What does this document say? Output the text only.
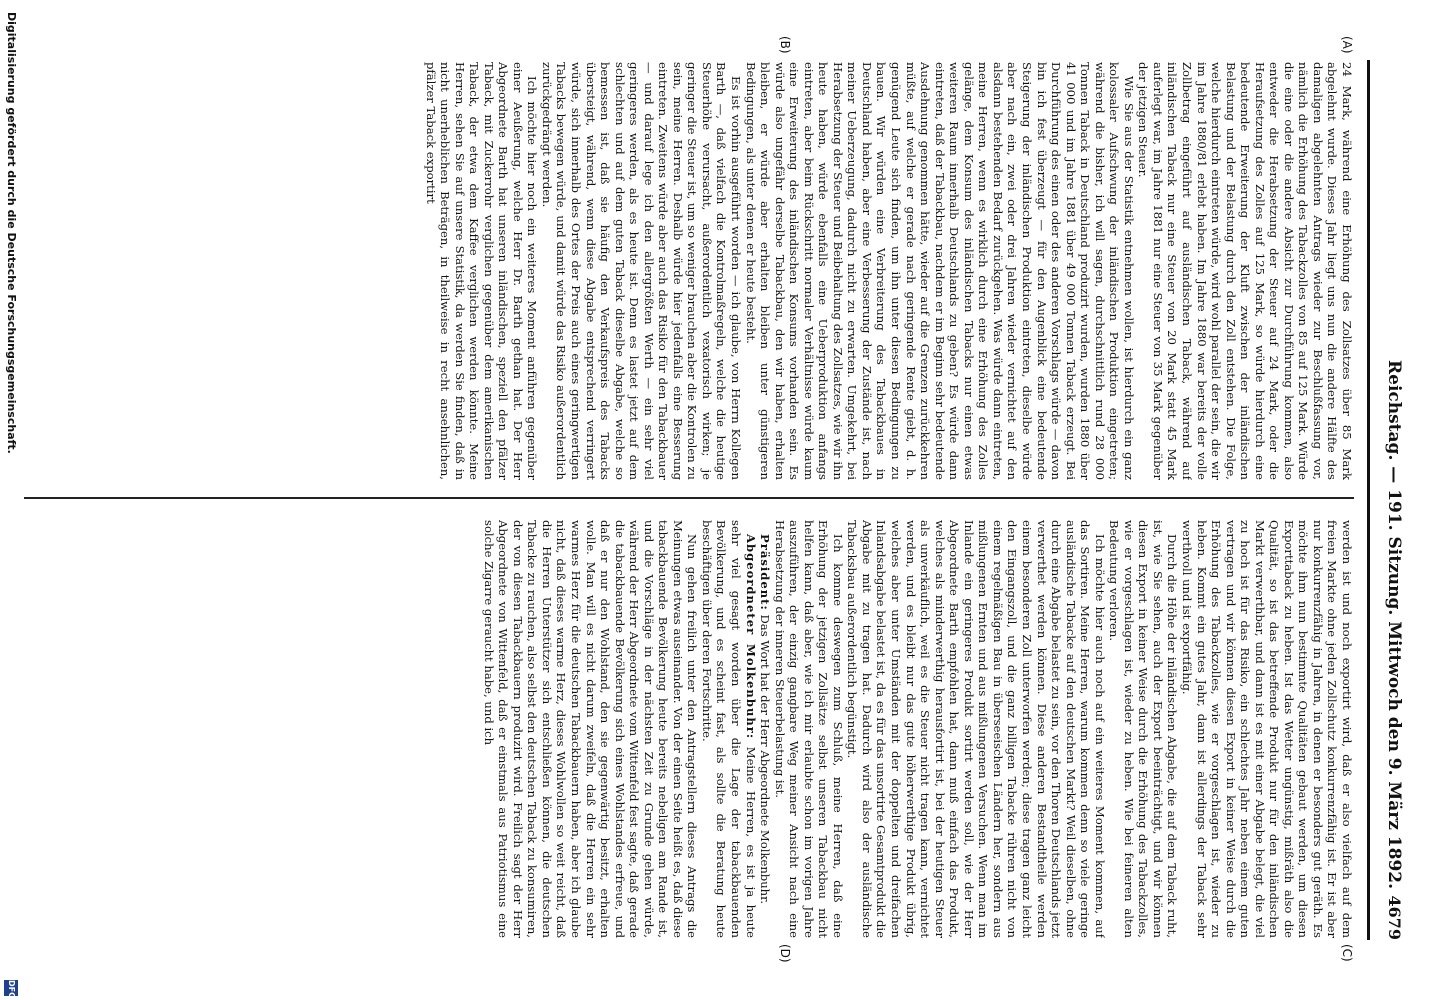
Reichstag. — 191. Sitzung. Mittwoch den 9. März 1892.
4679
(A)
(B)
(C)
(D)

24 Mark, während eine Erhöhung des Zollsatzes über 85 Mark abgelehnt wurde. Dieses Jahr liegt uns nun die andere Hälfte des damaligen abgelehnten Antrags wieder zur Beschlußfassung vor, nämlich die Erhöhung des Tabackzolles von 85 auf 125 Mark. Würde die eine oder die andere Absicht zur Durchführung kommen, also entweder die Herabsetzung der Steuer auf 24 Mark, oder die Heraufsetzung des Zolles auf 125 Mark, so würde hierdurch eine bedeutende Erweiterung der Kluft zwischen der inländischen Belastung und der Belastung durch den Zoll entstehen. Die Folge, welche hierdurch eintreten würde, wird wohl parallel der sein, die wir im Jahre 1880/81 erlebt haben. Im Jahre 1880 war bereits der volle Zollbetrag eingeführt auf ausländischen Taback, während auf inländischen Taback nur eine Steuer von 20 Mark statt 45 Mark auferlegt war, im Jahre 1881 nur eine Steuer von 35 Mark gegenüber der jetzigen Steuer.

Wie Sie aus der Statistik entnehmen wollen, ist hierdurch ein ganz kolossaler Aufschwung der inländischen Produktion eingetreten; während die bisher, ich will sagen, durchschnittlich rund 28 000 Tonnen Taback in Deutschland produzirt wurden, wurden 1880 über 41 000 und im Jahre 1881 über 49 000 Tonnen Taback erzeugt. Bei Durchführung des einen oder des anderen Vorschlags würde — davon bin ich fest überzeugt — für den Augenblick eine bedeutende Steigerung der inländischen Produktion eintreten, dieselbe würde aber nach ein, zwei oder drei Jahren wieder vernichtet auf den alsdann bestehenden Bedarf zurückgehen. Was würde dann eintreten, meine Herren, wenn es wirklich durch eine Erhöhung des Zolles gelänge, dem Konsum des inländischen Tabacks nur einen etwas weiteren Raum innerhalb Deutschlands zu geben? Es würde dann eintreten, daß der Tabackbau, nachdem er im Beginn sehr bedeutende Ausdehnung genommen hätte, wieder auf die Grenzen zurückkehren müßte, auf welche er gerade nach geringende Rente giebt, d. h. genügend Leute sich finden, um ihn unter diesen Bedingungen zu bauen. Wir würden eine Verbreiterung des Tabackbaues in Deutschland haben, aber eine Verbesserung der Zustände ist, nach meiner Ueberzeugung, dadurch nicht zu erwarten. Umgekehrt, bei Herabsetzung der Steuer und Beibehaltung des Zollsatzes, wie wir ihn heute haben, würde ebenfalls eine Ueberproduktion anfangs eintreten, aber beim Rückschritt normaler Verhältnisse würde kaum eine Erweiterung des inländischen Konsums vorhanden sein. Es würde also ungefähr derselbe Tabackbau, den wir haben, erhalten bleiben, er würde aber erhalten bleiben unter günstigeren Bedingungen, als unter denen er heute besteht.

Es ist vorhin ausgeführt worden — ich glaube, von Herrn Kollegen Barth —, daß vielfach die Kontrolmaßregeln, welche die heutige Steuerhöhe verursacht, außerordentlich vexatorisch wirken; je geringer die Steuer ist, um so weniger brauchen aber die Kontrolen zu sein, meine Herren. Deshalb würde hier jedenfalls eine Besserung eintreten. Zweitens würde aber auch das Risiko für den Tabackbauer — und darauf lege ich den allergrößten Werth — ein sehr viel geringeres werden, als es heute ist. Denn es lastet jetzt auf dem schlechten und auf dem guten Taback dieselbe Abgabe, welche so bemessen ist, daß sie häufig den Verkaufspreis des Tabacks übersteigt, während, wenn diese Abgabe entsprechend verringert würde, sich innerhalb des Ortes der Preis auch eines geringwertigen Tabacks bewegen würde, und damit würde das Risiko außerordentlich zurückgedrängt werden.

Ich möchte hier noch ein weiteres Moment anführen gegenüber einer Aeußerung, welche Herr Dr. Barth gethan hat. Der Herr Abgeordnete Barth hat unseren inländischen, speziell den pfälzer Taback, mit Zuckerrohr verglichen gegenüber dem amerikanischen Taback, der etwa dem Kaffee verglichen werden könnte. Meine Herren, sehen Sie auf unsere Statistik, da werden Sie finden, daß in nicht unerheblichen Beträgen, in theilweise in recht ansehnlichen, pfälzer Taback exportirt

werden ist und noch exportirt wird, daß er also vielfach auf dem freien Markte ohne jeden Zollschutz konkurrenzfähig ist. Er ist aber nur konkurrenzfähig in Jahren, in denen er besonders gut geräth. Es möchte ihm nun bestimmte Qualitäten gebaut werden, um diesen Exporttaback zu heben. Ist das Wetter ungünstig, mißräth also die Qualität, so ist das betreffende Produkt nur für den inländischen Markt verwerthbar, und dann ist es mit einer Abgabe belegt, die viel zu hoch ist für das Risiko, ein schlechtes Jahr neben einem guten vertragen und wir können diesen Export in keiner Weise durch die Erhöhung des Tabackzolles, wie er vorgeschlagen ist, wieder zu heben. Kommt ein gutes Jahr, dann ist allerdings der Taback sehr werthvoll und ist exportfähig.

Durch die Höhe der inländischen Abgabe, die auf dem Taback ruht, ist, wie Sie sehen, auch der Export beeinträchtigt, und wir können diesen Export in keiner Weise durch die Erhöhung des Tabackzolles, wie er vorgeschlagen ist, wieder zu heben. Wie bei feineren alten Bedeutung verloren.

Ich möchte hier auch noch auf ein weiteres Moment kommen, auf das Sortiren. Meine Herren, warum kommen denn so viele geringe ausländische Tabacke auf den deutschen Markt? Weil dieselben, ohne durch eine Abgabe belastet zu sein, vor den Thoren Deutschlands jetzt verwerthet werden können. Diese anderen Bestandtheile werden einem besonderen Zoll unterworfen werden; diese tragen ganz leicht den Eingangszoll, und die ganz billigen Tabacke rühren nicht von einem regelmäßigen Bau in überseeischen Ländern her, sondern aus mißlungenen Ernten und aus mißlungenen Versuchen. Wenn man im Inlande ein geringeres Produkt sortirt werden soll, wie der Herr Abgeordnete Barth empfohlen hat, dann muß einfach das Produkt, welches als minderwerthig herausfortirt ist, bei der heutigen Steuer als unverkäuflich, weil es die Steuer nicht tragen kann, vernichtet werden, und es bleibt nur das gute höherwerthige Produkt übrig, welches aber unter Umständen mit der doppelten und dreifachen Inlandsabgabe belastet ist, da es für das unsortirte Gesamtprodukt die Abgabe mit zu tragen hat. Dadurch wird also der ausländische Tabacksbau außerordentlich begünstigt.

Ich komme deswegen zum Schluß, meine Herren, daß eine Erhöhung der jetzigen Zollsätze selbst unseren Tabackbau nicht helfen kann, daß aber, wie ich mir erlaubte schon im vorigen Jahre auszuführen, der einzig gangbare Weg meiner Ansicht nach eine Herabsetzung der inneren Steuerbelastung ist.

Präsident: Das Wort hat der Herr Abgeordnete Molkenbuhr.

Abgeordneter Molkenbuhr: Meine Herren, es ist ja heute sehr viel gesagt worden über die Lage der tabackbauenden Bevölkerung, und es scheint fast, als sollte die Beratung heute beschäftigen über deren Fortschritte.

Nun gehen freilich unter den Antragstellern dieses Antrags die Meinungen etwas auseinander. Von der einen Seite heißt es, daß diese tabackbauende Bevölkerung heute bereits nebeligen am Rande ist, und die Vorschläge in der nächsten Zeit zu Grunde gehen würde, während der Herr Abgeordnete vom Wittenfeld fest sagte, daß gerade die tabackbauende Bevölkerung sich eines Wohlstandes erfreue, und daß er nur den Wohlstand, den sie gegenwärtig besitzt, erhalten wolle. Man will es nicht darum zweifeln, daß die Herren ein sehr warmes Herz für die deutschen Tabackbauern haben, aber ich glaube nicht, daß dieses warme Herz, dieses Wohlwollen so weit reicht, daß die Herren Unterstützer sich entschließen können, die deutschen Tabacke zu rauchen, also selbst den deutschen Taback zu konsumiren, der von diesen Tabackbauern produzirt wird. Freilich sagt der Herr Abgeordnete von Wittenfeld, daß er einstmals aus Patriotismus eine solche Zigarre geraucht habe, und ich

Digitalisierung gefördert durch die Deutsche Forschungsgemeinschaft.
DFG
